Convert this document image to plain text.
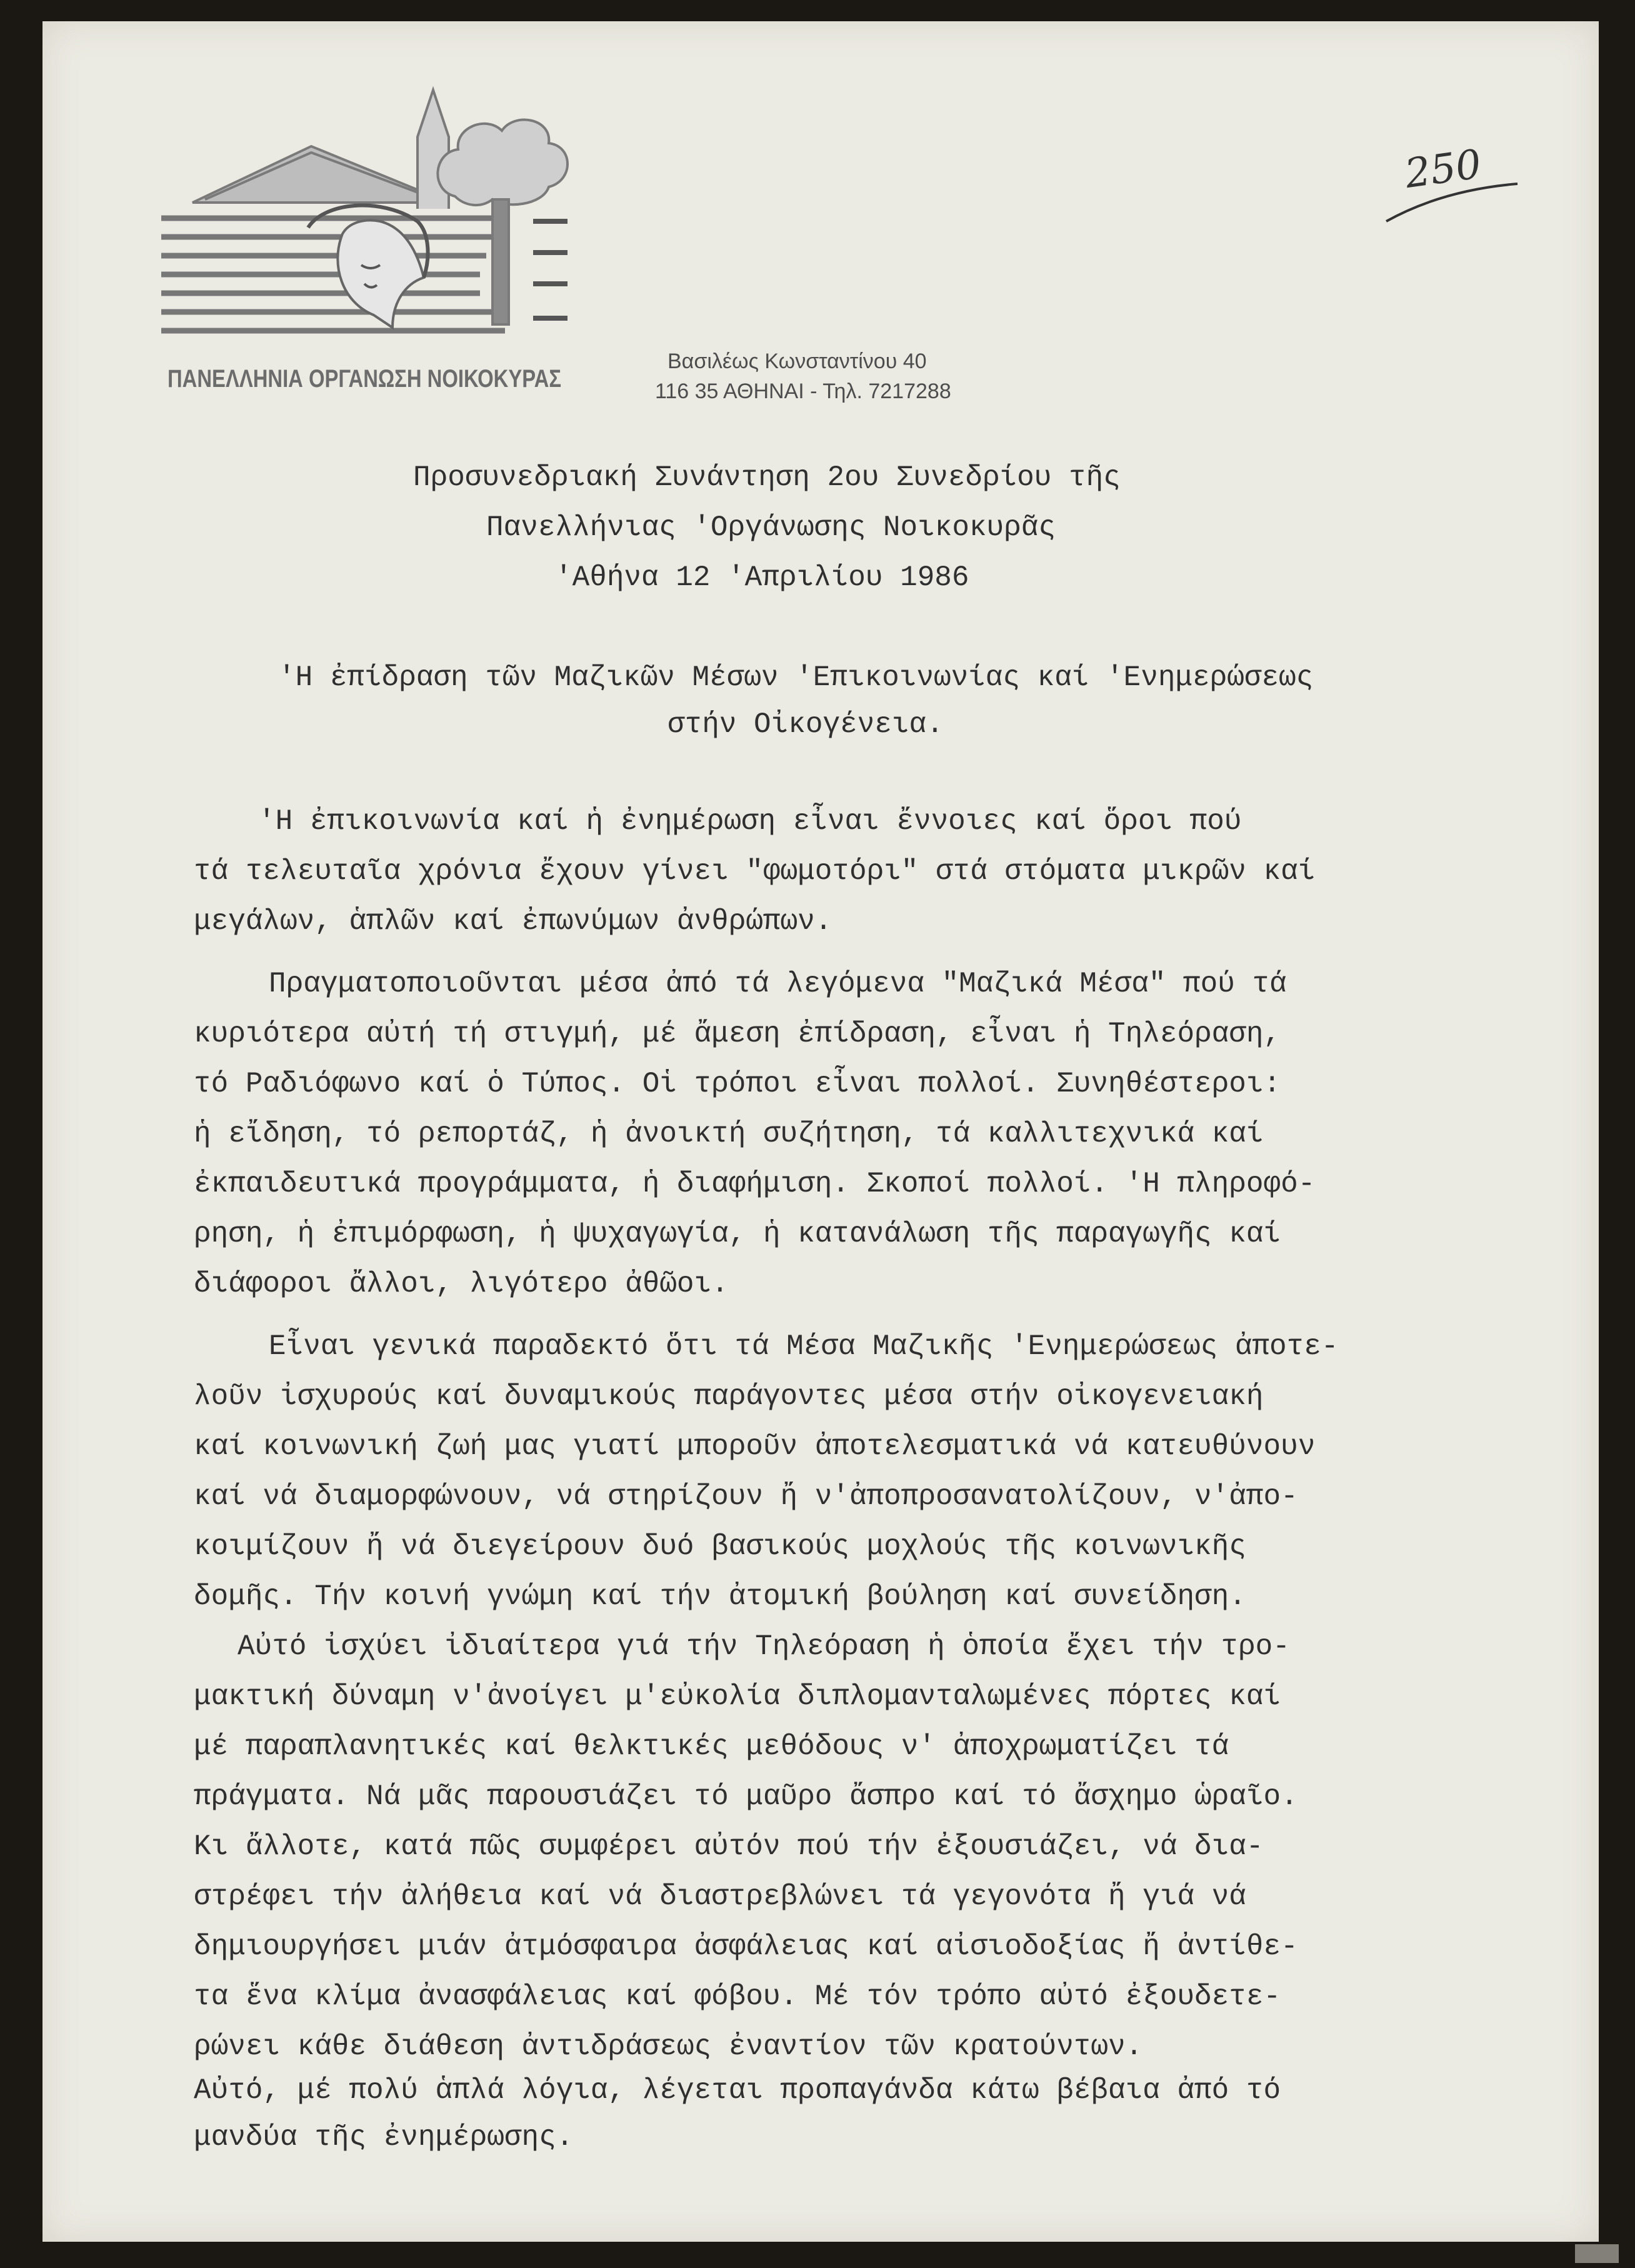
ΠΑΝΕΛΛΗΝΙΑ ΟΡΓΑΝΩΣΗ ΝΟΙΚΟΚΥΡΑΣ
Βασιλέως Κωνσταντίνου 40
116 35 ΑΘΗΝΑΙ - Τηλ. 7217288
250
Προσυνεδριακή Συνάντηση 2ου Συνεδρίου τῆς
Πανελλήνιας 'Οργάνωσης Νοικοκυρᾶς
'Αθήνα 12 'Απριλίου 1986
'Η ἐπίδραση τῶν Μαζικῶν Μέσων 'Επικοινωνίας καί 'Ενημερώσεως
στήν Οἰκογένεια.
'Η ἐπικοινωνία καί ἡ ἐνημέρωση εἶναι ἔννοιες καί ὅροι πού
τά τελευταῖα χρόνια ἔχουν γίνει "φωμοτόρι" στά στόματα μικρῶν καί
μεγάλων, ἁπλῶν καί ἐπωνύμων ἀνθρώπων.
Πραγματοποιοῦνται μέσα ἀπό τά λεγόμενα "Μαζικά Μέσα" πού τά
κυριότερα αὐτή τή στιγμή, μέ ἄμεση ἐπίδραση, εἶναι ἡ Τηλεόραση,
τό Ραδιόφωνο καί ὁ Τύπος. Οἱ τρόποι εἶναι πολλοί. Συνηθέστεροι:
ἡ εἴδηση, τό ρεπορτάζ, ἡ ἀνοικτή συζήτηση, τά καλλιτεχνικά καί
ἐκπαιδευτικά προγράμματα, ἡ διαφήμιση. Σκοποί πολλοί. 'Η πληροφό-
ρηση, ἡ ἐπιμόρφωση, ἡ ψυχαγωγία, ἡ κατανάλωση τῆς παραγωγῆς καί
διάφοροι ἄλλοι, λιγότερο ἀθῶοι.
Εἶναι γενικά παραδεκτό ὅτι τά Μέσα Μαζικῆς 'Ενημερώσεως ἀποτε-
λοῦν ἰσχυρούς καί δυναμικούς παράγοντες μέσα στήν οἰκογενειακή
καί κοινωνική ζωή μας γιατί μποροῦν ἀποτελεσματικά νά κατευθύνουν
καί νά διαμορφώνουν, νά στηρίζουν ἤ ν'ἀποπροσανατολίζουν, ν'ἀπο-
κοιμίζουν ἤ νά διεγείρουν δυό βασικούς μοχλούς τῆς κοινωνικῆς
δομῆς. Τήν κοινή γνώμη καί τήν ἀτομική βούληση καί συνείδηση.
Αὐτό ἰσχύει ἰδιαίτερα γιά τήν Τηλεόραση ἡ ὁποία ἔχει τήν τρο-
μακτική δύναμη ν'ἀνοίγει μ'εὐκολία διπλομανταλωμένες πόρτες καί
μέ παραπλανητικές καί θελκτικές μεθόδους ν' ἀποχρωματίζει τά
πράγματα. Νά μᾶς παρουσιάζει τό μαῦρο ἄσπρο καί τό ἄσχημο ὡραῖο.
Κι ἄλλοτε, κατά πῶς συμφέρει αὐτόν πού τήν ἐξουσιάζει, νά δια-
στρέφει τήν ἀλήθεια καί νά διαστρεβλώνει τά γεγονότα ἤ γιά νά
δημιουργήσει μιάν ἀτμόσφαιρα ἀσφάλειας καί αἰσιοδοξίας ἤ ἀντίθε-
τα ἕνα κλίμα ἀνασφάλειας καί φόβου. Μέ τόν τρόπο αὐτό ἐξουδετε-
ρώνει κάθε διάθεση ἀντιδράσεως ἐναντίον τῶν κρατούντων.
Αὐτό, μέ πολύ ἁπλά λόγια, λέγεται προπαγάνδα κάτω βέβαια ἀπό τό
μανδύα τῆς ἐνημέρωσης.
